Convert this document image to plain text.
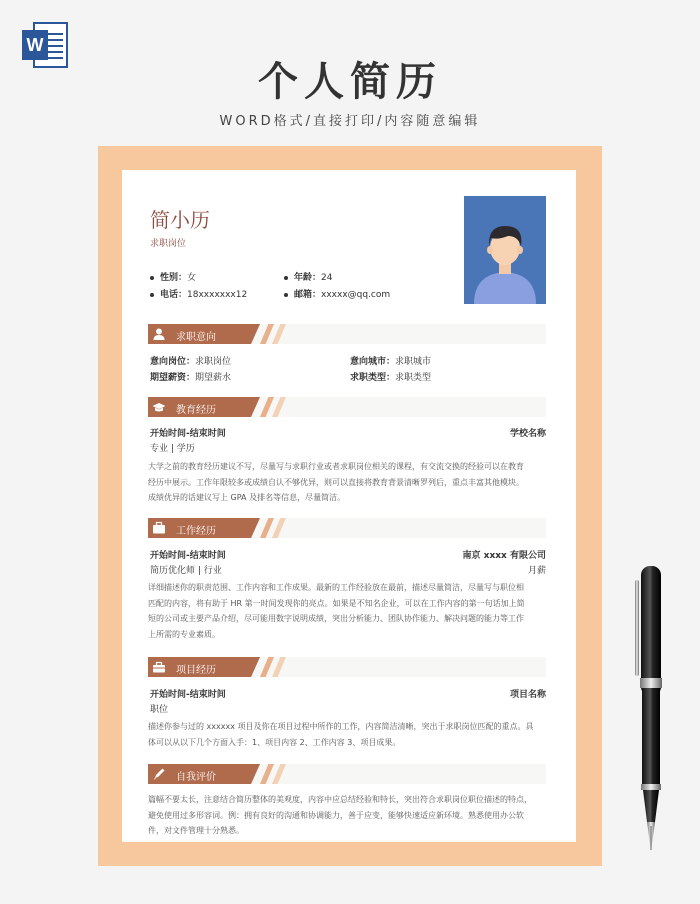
W
个人简历
WORD格式/直接打印/内容随意编辑
简小历
求职岗位
性别：女	年龄：24
电话：18xxxxxxx12	邮箱：xxxxx@qq.com
求职意向
意向岗位：求职岗位	意向城市：求职城市
期望薪资：期望薪水	求职类型：求职类型
教育经历
开始时间-结束时间	学校名称
专业 | 学历
大学之前的教育经历建议不写，尽量写与求职行业或者求职岗位相关的课程，有交流交换的经验可以在教育
经历中展示。工作年限较多或成绩自认不够优异，则可以直接将教育背景清晰罗列后，重点丰富其他模块。
成绩优异的话建议写上 GPA 及排名等信息，尽量简洁。
工作经历
开始时间-结束时间	南京 xxxx 有限公司
简历优化师 | 行业	月薪
详细描述你的职责范围、工作内容和工作成果。最新的工作经验放在最前，描述尽量简洁，尽量写与职位相
匹配的内容，将有助于 HR 第一时间发现你的亮点。如果是不知名企业，可以在工作内容的第一句话加上简
短的公司或主要产品介绍，尽可能用数字说明成绩，突出分析能力、团队协作能力、解决问题的能力等工作
上所需的专业素质。
项目经历
开始时间-结束时间	项目名称
职位
描述你参与过的 xxxxxx 项目及你在项目过程中所作的工作，内容简洁清晰，突出于求职岗位匹配的重点。具
体可以从以下几个方面入手：1、项目内容 2、工作内容 3、项目成果。
自我评价
篇幅不要太长，注意结合简历整体的美观度，内容中应总结经验和特长，突出符合求职岗位职位描述的特点，
避免使用过多形容词。例：拥有良好的沟通和协调能力，善于应变，能够快速适应新环境。熟悉使用办公软
件，对文件管理十分熟悉。
